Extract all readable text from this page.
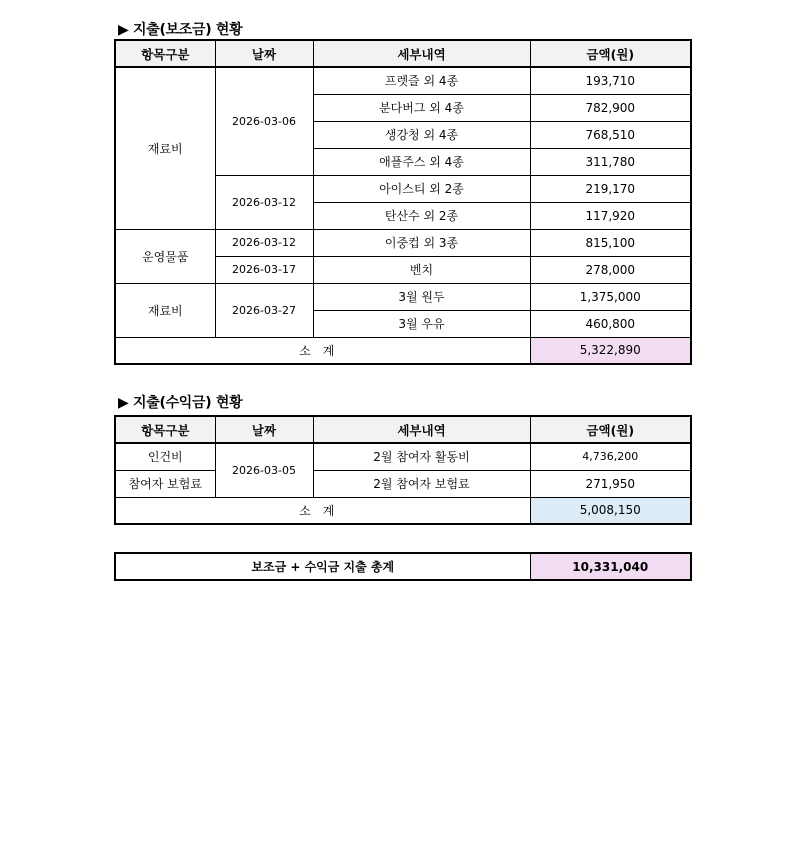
▶ 지출(보조금) 현황
항목구분	날짜	세부내역	금액(원)
재료비	2026-03-06	프렛즐 외 4종	193,710
		분다버그 외 4종	782,900
		생강청 외 4종	768,510
		애플주스 외 4종	311,780
	2026-03-12	아이스티 외 2종	219,170
		탄산수 외 2종	117,920
운영물품	2026-03-12	이중컵 외 3종	815,100
	2026-03-17	벤치	278,000
재료비	2026-03-27	3월 원두	1,375,000
		3월 우유	460,800
소계			5,322,890
▶ 지출(수익금) 현황
항목구분	날짜	세부내역	금액(원)
인건비	2026-03-05	2월 참여자 활동비	4,736,200
참여자 보험료		2월 참여자 보험료	271,950
소계			5,008,150
보조금 + 수익금 지출 총계	10,331,040
